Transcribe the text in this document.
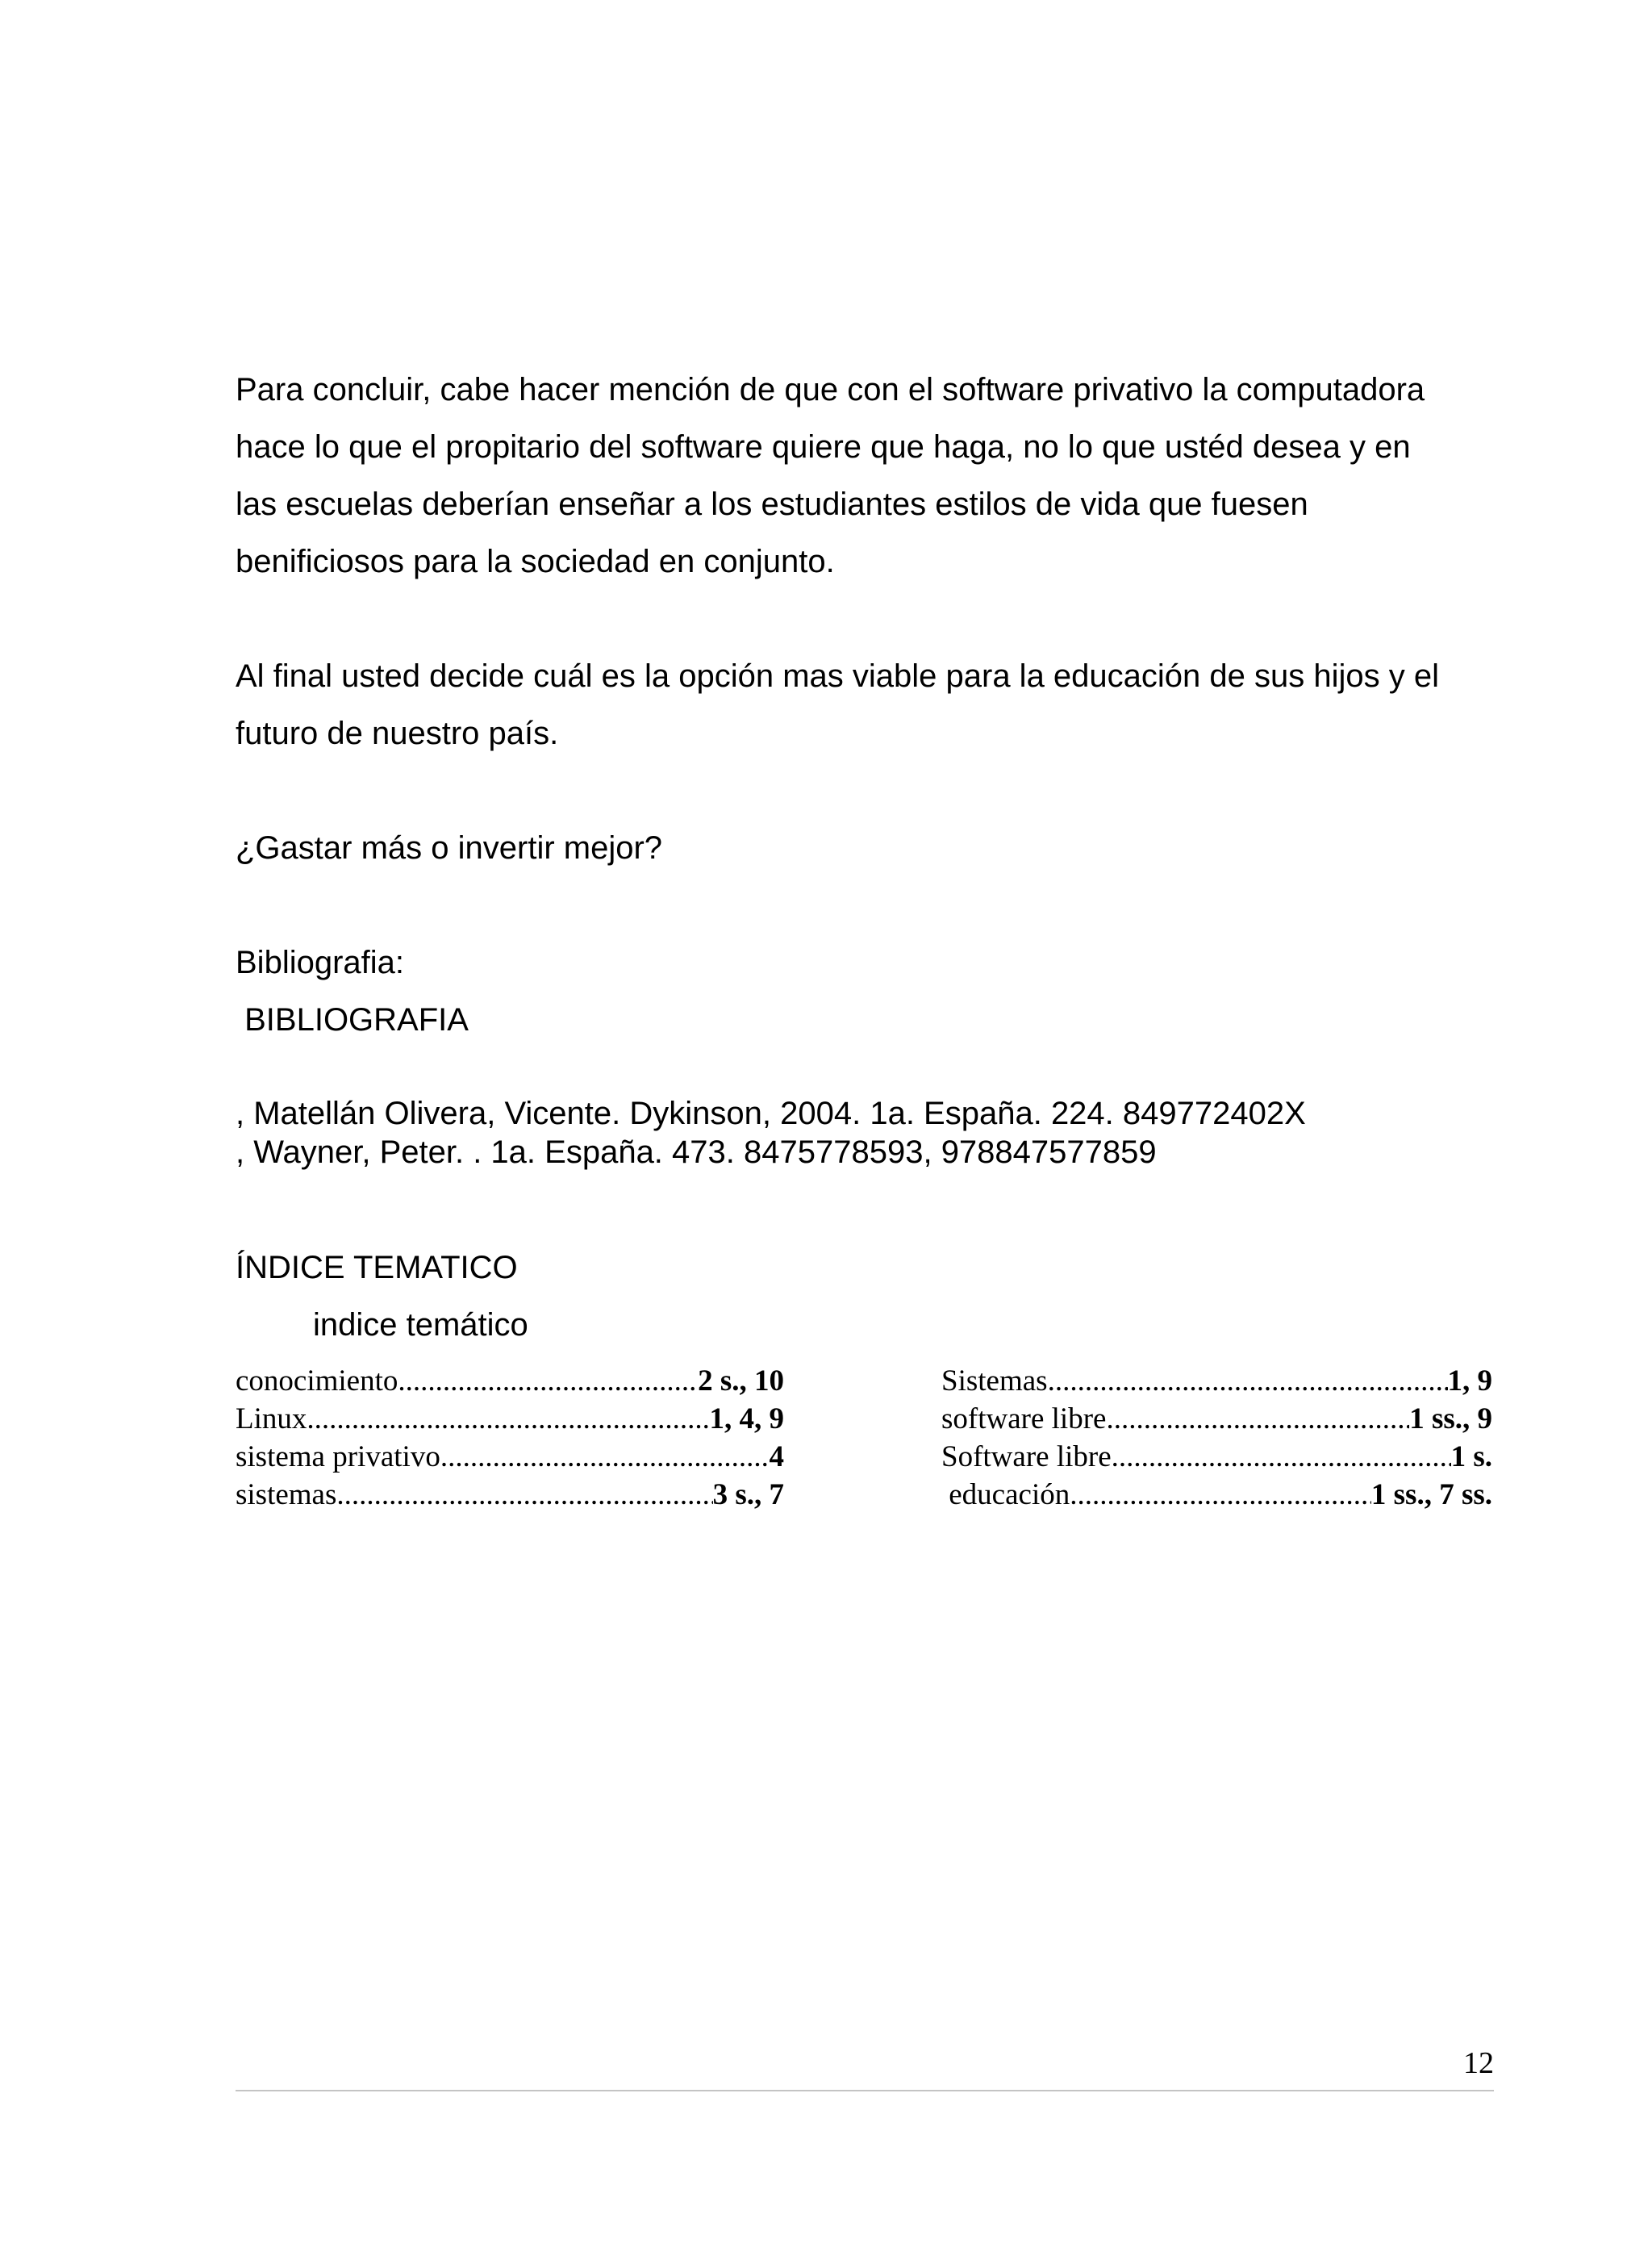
Para concluir, cabe hacer mención de que con el software privativo la computadora
hace lo que el propitario del software quiere que haga, no lo que ustéd desea y en
las escuelas deberían enseñar a los estudiantes estilos de vida que fuesen
benificiosos para la sociedad en conjunto.
Al final usted decide cuál es la opción mas viable para la educación de sus hijos y el
futuro de nuestro país.

¿Gastar más o invertir mejor?

Bibliografia:

BIBLIOGRAFIA

, Matellán Olivera, Vicente. Dykinson, 2004. 1a. España. 224. 849772402X
, Wayner, Peter. . 1a. España. 473. 8475778593, 978847577859

ÍNDICE TEMATICO

indice temático

conocimiento .....	2 s., 10
Linux .....	1, 4, 9
sistema privativo .....	4
sistemas .....	3 s., 7
Sistemas .....	1, 9
software libre .....	1 ss., 9
Software libre .....	1 s.
educación .....	1 ss., 7 ss.
12
